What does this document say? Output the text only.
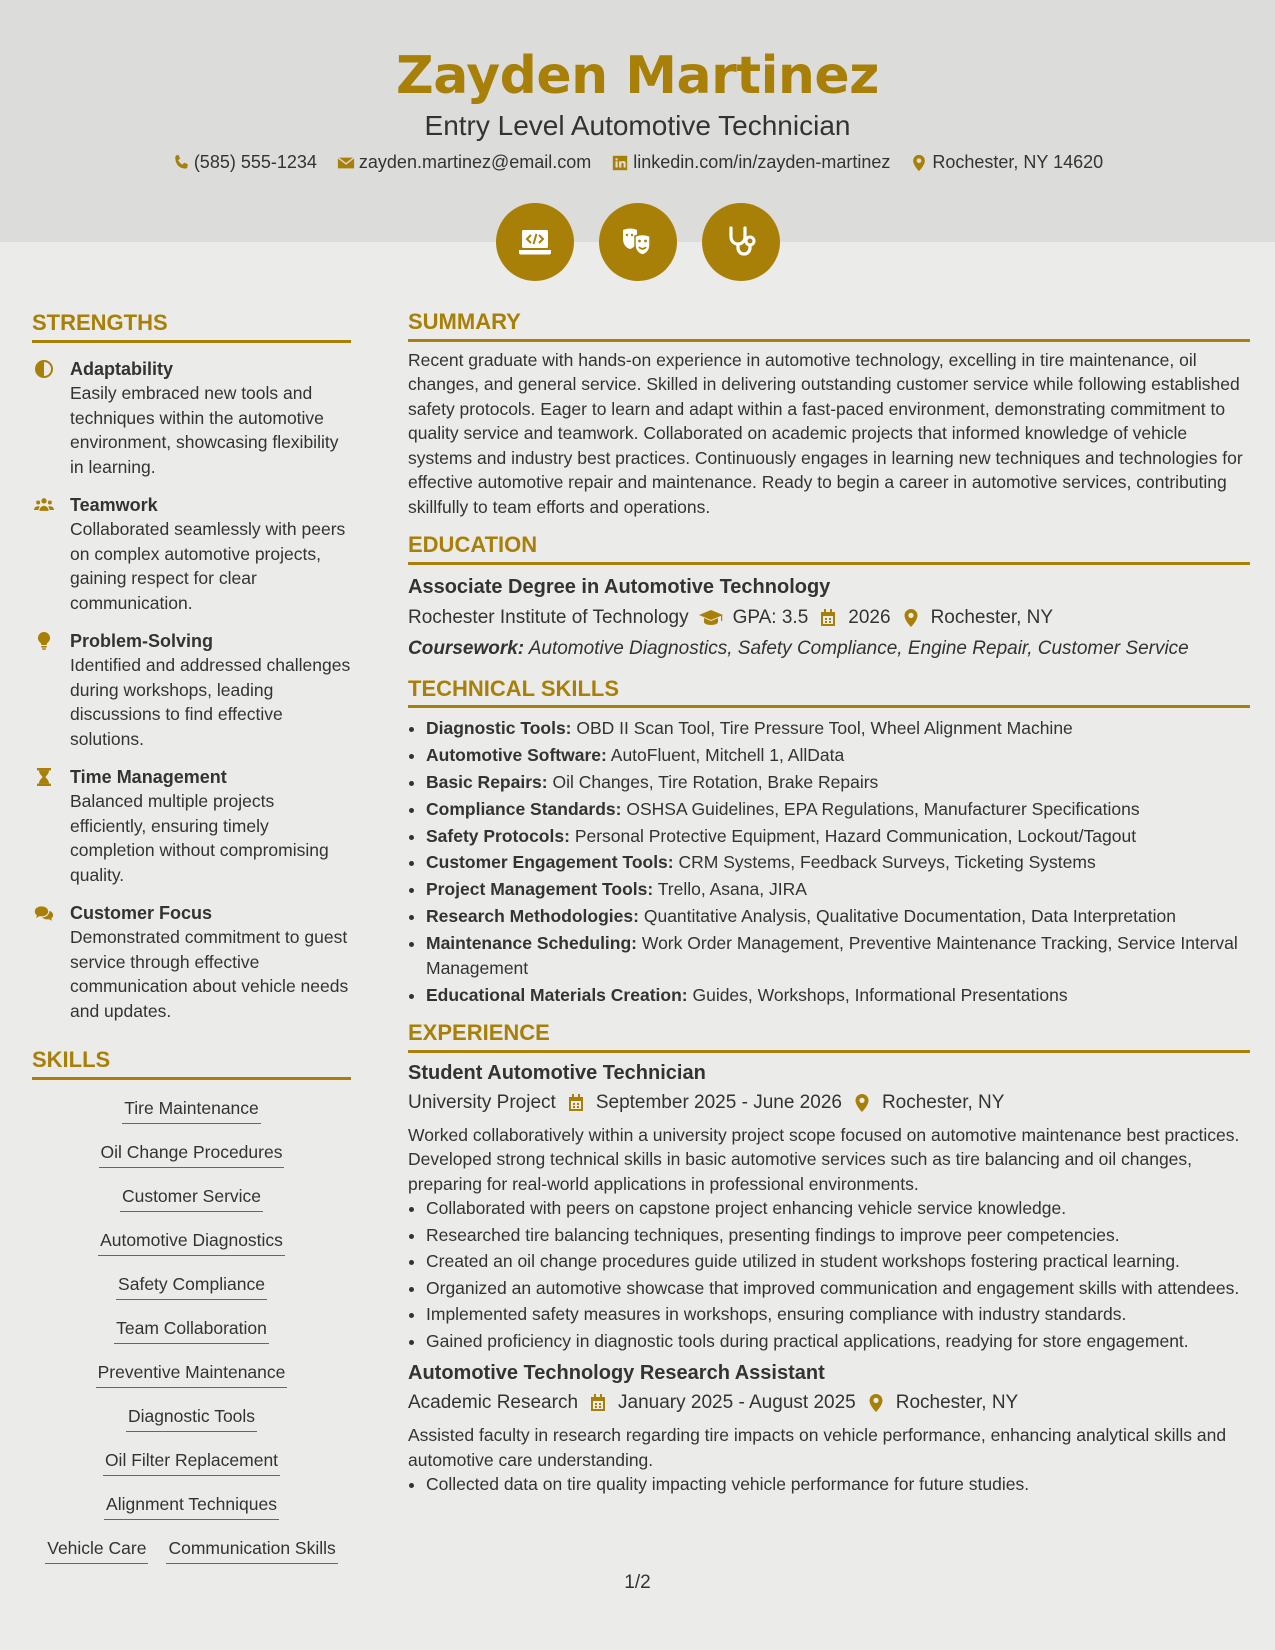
Zayden Martinez
Entry Level Automotive Technician
(585) 555-1234 zayden.martinez@email.com linkedin.com/in/zayden-martinez Rochester, NY 14620
STRENGTHS
Adaptability
Easily embraced new tools and techniques within the automotive environment, showcasing flexibility in learning.
Teamwork
Collaborated seamlessly with peers on complex automotive projects, gaining respect for clear communication.
Problem-Solving
Identified and addressed challenges during workshops, leading discussions to find effective solutions.
Time Management
Balanced multiple projects efficiently, ensuring timely completion without compromising quality.
Customer Focus
Demonstrated commitment to guest service through effective communication about vehicle needs and updates.
SKILLS
Tire Maintenance
Oil Change Procedures
Customer Service
Automotive Diagnostics
Safety Compliance
Team Collaboration
Preventive Maintenance
Diagnostic Tools
Oil Filter Replacement
Alignment Techniques
Vehicle Care Communication Skills
SUMMARY

Recent graduate with hands-on experience in automotive technology, excelling in tire maintenance, oil changes, and general service. Skilled in delivering outstanding customer service while following established safety protocols. Eager to learn and adapt within a fast-paced environment, demonstrating commitment to quality service and teamwork. Collaborated on academic projects that informed knowledge of vehicle systems and industry best practices. Continuously engages in learning new techniques and technologies for effective automotive repair and maintenance. Ready to begin a career in automotive services, contributing skillfully to team efforts and operations.

EDUCATION
Associate Degree in Automotive Technology
Rochester Institute of Technology GPA: 3.5 2026 Rochester, NY
Coursework: Automotive Diagnostics, Safety Compliance, Engine Repair, Customer Service
TECHNICAL SKILLS
• Diagnostic Tools: OBD II Scan Tool, Tire Pressure Tool, Wheel Alignment Machine
• Automotive Software: AutoFluent, Mitchell 1, AllData
• Basic Repairs: Oil Changes, Tire Rotation, Brake Repairs
• Compliance Standards: OSHSA Guidelines, EPA Regulations, Manufacturer Specifications
• Safety Protocols: Personal Protective Equipment, Hazard Communication, Lockout/Tagout
• Customer Engagement Tools: CRM Systems, Feedback Surveys, Ticketing Systems
• Project Management Tools: Trello, Asana, JIRA
• Research Methodologies: Quantitative Analysis, Qualitative Documentation, Data Interpretation
• Maintenance Scheduling: Work Order Management, Preventive Maintenance Tracking, Service Interval Management
• Educational Materials Creation: Guides, Workshops, Informational Presentations
EXPERIENCE
Student Automotive Technician
University Project September 2025 - June 2026 Rochester, NY
Worked collaboratively within a university project scope focused on automotive maintenance best practices. Developed strong technical skills in basic automotive services such as tire balancing and oil changes, preparing for real-world applications in professional environments.
• Collaborated with peers on capstone project enhancing vehicle service knowledge.
• Researched tire balancing techniques, presenting findings to improve peer competencies.
• Created an oil change procedures guide utilized in student workshops fostering practical learning.
• Organized an automotive showcase that improved communication and engagement skills with attendees.
• Implemented safety measures in workshops, ensuring compliance with industry standards.
• Gained proficiency in diagnostic tools during practical applications, readying for store engagement.
Automotive Technology Research Assistant
Academic Research January 2025 - August 2025 Rochester, NY
Assisted faculty in research regarding tire impacts on vehicle performance, enhancing analytical skills and automotive care understanding.
• Collected data on tire quality impacting vehicle performance for future studies.
1/2
